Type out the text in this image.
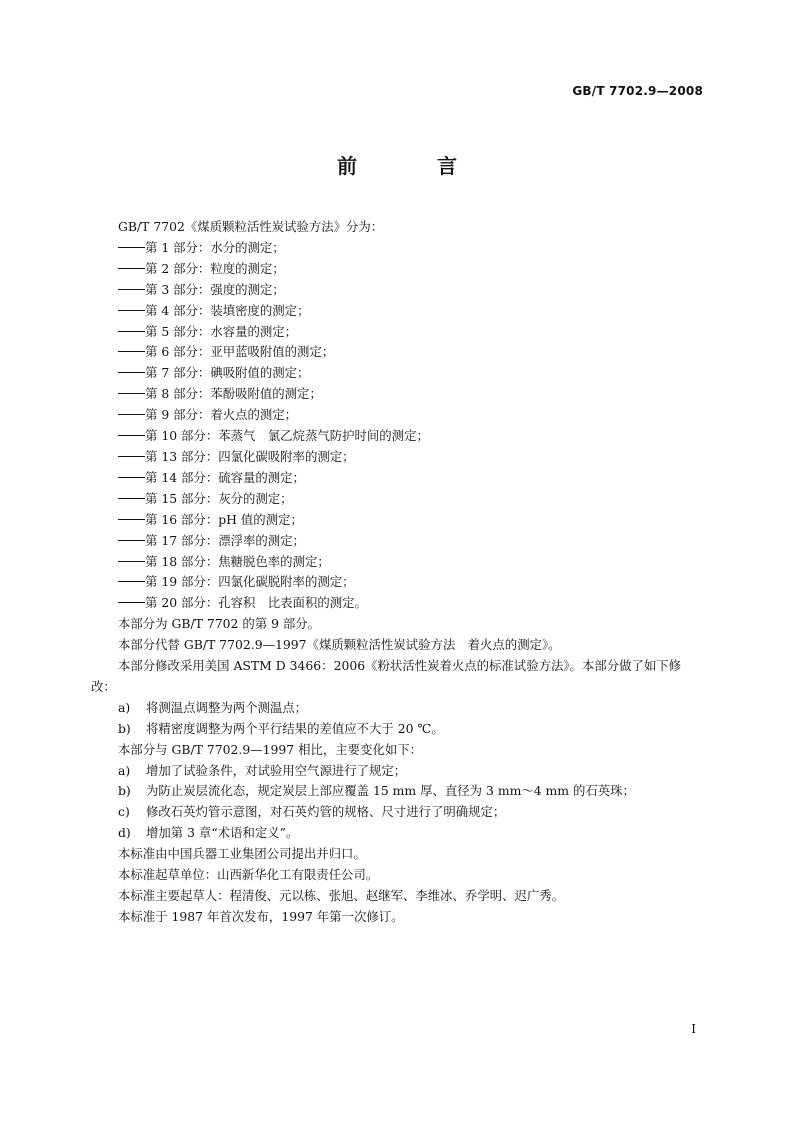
GB/T 7702.9—2008
前　言
GB/T 7702《煤质颗粒活性炭试验方法》分为：
第 1 部分：水分的测定；
第 2 部分：粒度的测定；
第 3 部分：强度的测定；
第 4 部分：装填密度的测定；
第 5 部分：水容量的测定；
第 6 部分：亚甲蓝吸附值的测定；
第 7 部分：碘吸附值的测定；
第 8 部分：苯酚吸附值的测定；
第 9 部分：着火点的测定；
第 10 部分：苯蒸气　氯乙烷蒸气防护时间的测定；
第 13 部分：四氯化碳吸附率的测定；
第 14 部分：硫容量的测定；
第 15 部分：灰分的测定；
第 16 部分：pH 值的测定；
第 17 部分：漂浮率的测定；
第 18 部分：焦糖脱色率的测定；
第 19 部分：四氯化碳脱附率的测定；
第 20 部分：孔容积　比表面积的测定。
本部分为 GB/T 7702 的第 9 部分。
本部分代替 GB/T 7702.9—1997《煤质颗粒活性炭试验方法　着火点的测定》。
本部分修改采用美国 ASTM D 3466：2006《粉状活性炭着火点的标准试验方法》。本部分做了如下修改：
a) 将测温点调整为两个测温点；
b) 将精密度调整为两个平行结果的差值应不大于 20 ℃。
本部分与 GB/T 7702.9—1997 相比，主要变化如下：
a) 增加了试验条件，对试验用空气源进行了规定；
b) 为防止炭层流化态，规定炭层上部应覆盖 15 mm 厚、直径为 3 mm～4 mm 的石英珠；
c) 修改石英灼管示意图，对石英灼管的规格、尺寸进行了明确规定；
d) 增加第 3 章“术语和定义”。
本标准由中国兵器工业集团公司提出并归口。
本标准起草单位：山西新华化工有限责任公司。
本标准主要起草人：程清俊、元以栋、张旭、赵继军、李维冰、乔学明、迟广秀。
本标准于 1987 年首次发布，1997 年第一次修订。
I
